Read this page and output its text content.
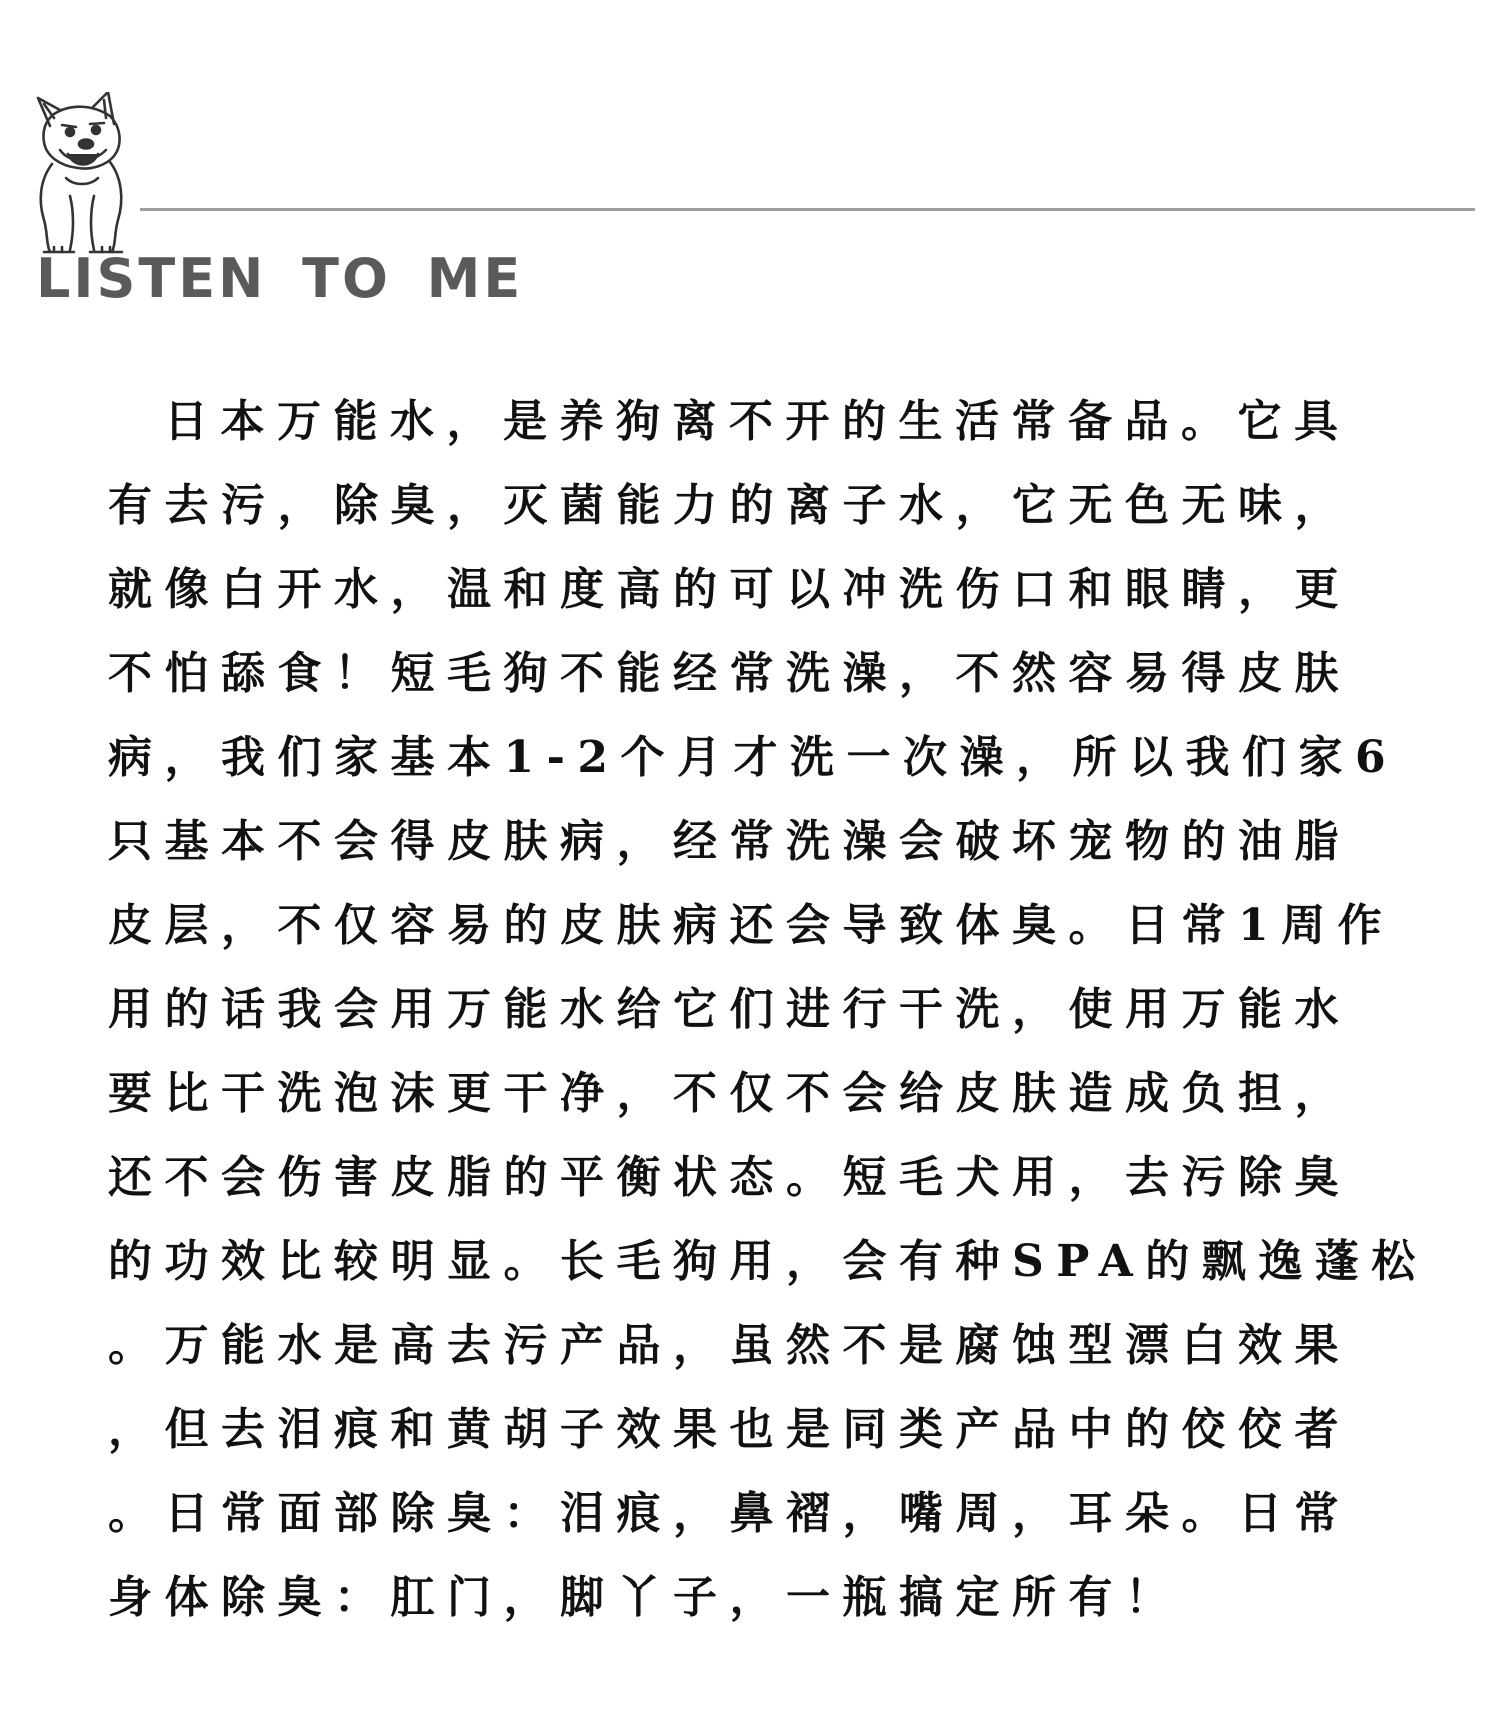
LISTEN TO ME
日本万能水，是养狗离不开的生活常备品。它具
有去污，除臭，灭菌能力的离子水，它无色无味，
就像白开水，温和度高的可以冲洗伤口和眼睛，更
不怕舔食！短毛狗不能经常洗澡，不然容易得皮肤
病，我们家基本1-2个月才洗一次澡，所以我们家6
只基本不会得皮肤病，经常洗澡会破坏宠物的油脂
皮层，不仅容易的皮肤病还会导致体臭。日常1周作
用的话我会用万能水给它们进行干洗，使用万能水
要比干洗泡沫更干净，不仅不会给皮肤造成负担，
还不会伤害皮脂的平衡状态。短毛犬用，去污除臭
的功效比较明显。长毛狗用，会有种SPA的飘逸蓬松
。万能水是高去污产品，虽然不是腐蚀型漂白效果
，但去泪痕和黄胡子效果也是同类产品中的佼佼者
。日常面部除臭：泪痕，鼻褶，嘴周，耳朵。日常
身体除臭：肛门，脚丫子，一瓶搞定所有！
